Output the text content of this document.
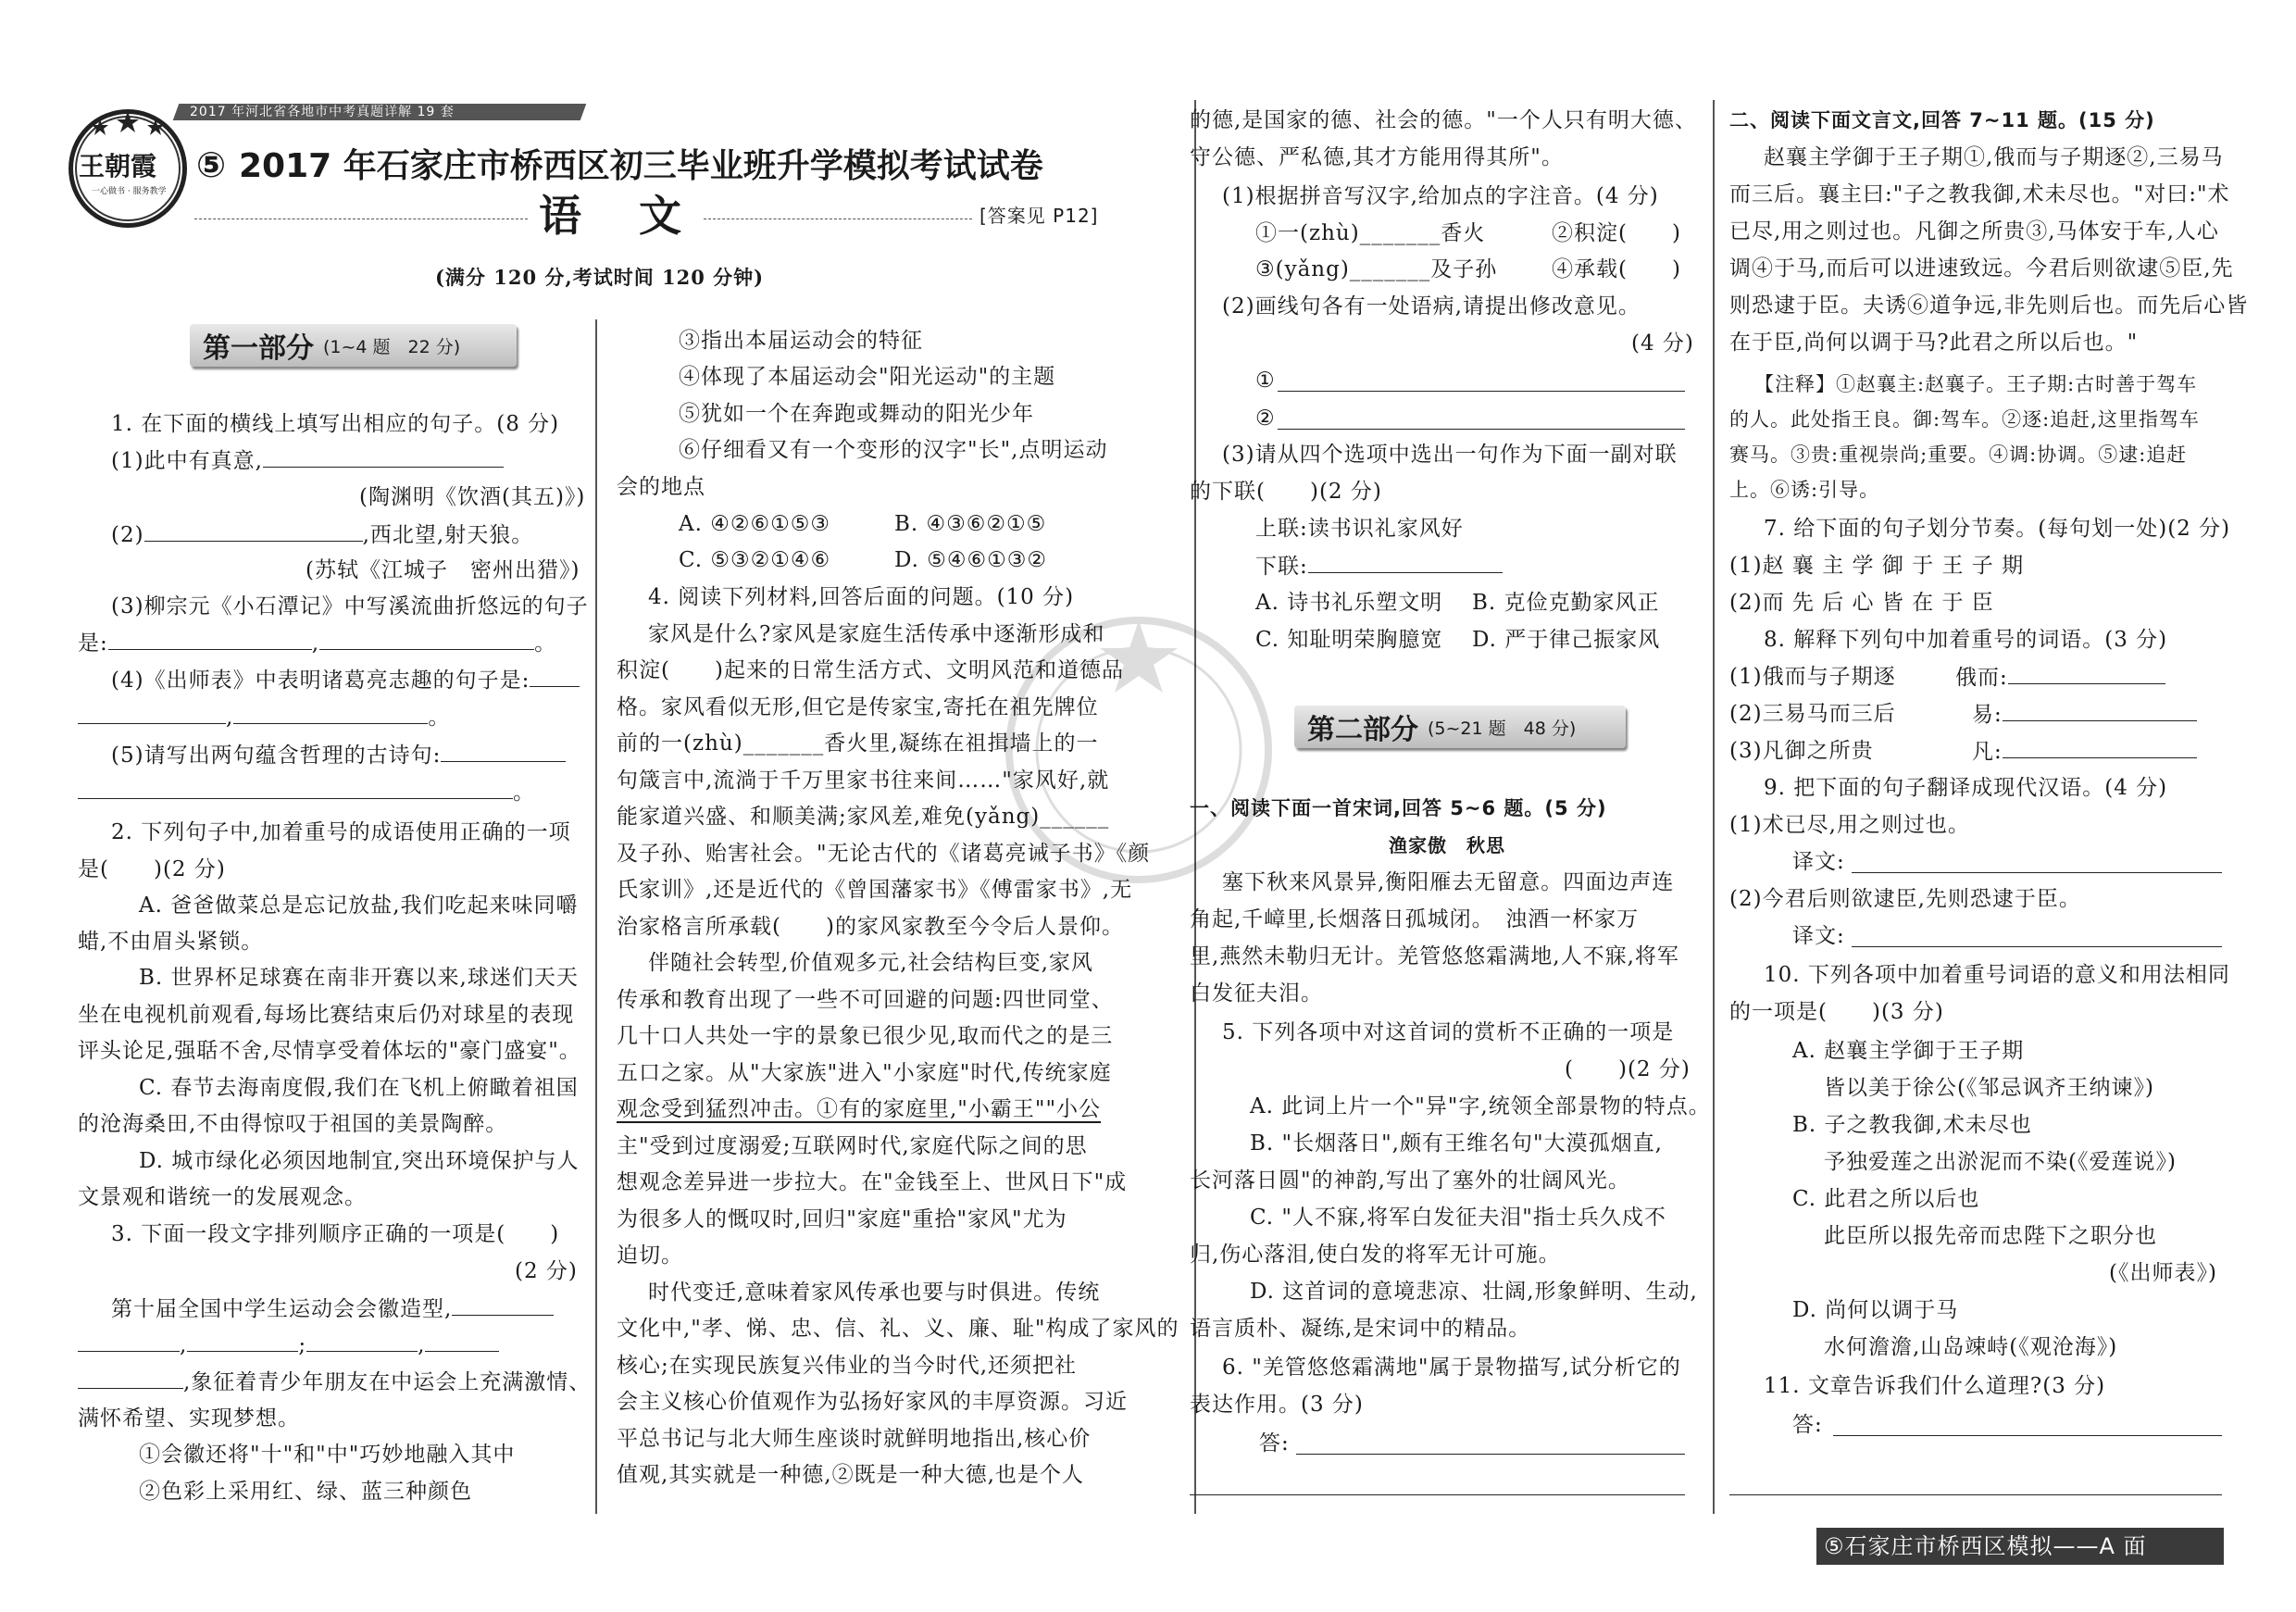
2017 年河北省各地市中考真题详解 19 套
王朝霞
一心做书 · 服务教学
⑤ 2017 年石家庄市桥西区初三毕业班升学模拟考试试卷
语　文	[答案见 P12]
(满分 120 分,考试时间 120 分钟)
第一部分 (1~4 题　22 分)
1. 在下面的横线上填写出相应的句子。(8 分)
(1)此中有真意,
(陶渊明《饮酒(其五)》)
(2)	,西北望,射天狼。
(苏轼《江城子　密州出猎》)
(3)柳宗元《小石潭记》中写溪流曲折悠远的句子
是:	,	。
(4)《出师表》中表明诸葛亮志趣的句子是:
,	。
(5)请写出两句蕴含哲理的古诗句:
。
2. 下列句子中,加着重号的成语使用正确的一项
是(　　)(2 分)
A. 爸爸做菜总是忘记放盐,我们吃起来味同嚼
蜡,不由眉头紧锁。
B. 世界杯足球赛在南非开赛以来,球迷们天天
坐在电视机前观看,每场比赛结束后仍对球星的表现
评头论足,强聒不舍,尽情享受着体坛的"豪门盛宴"。
C. 春节去海南度假,我们在飞机上俯瞰着祖国
的沧海桑田,不由得惊叹于祖国的美景陶醉。
D. 城市绿化必须因地制宜,突出环境保护与人
文景观和谐统一的发展观念。
3. 下面一段文字排列顺序正确的一项是(　　)
(2 分)
第十届全国中学生运动会会徽造型,
,	;	,
,象征着青少年朋友在中运会上充满激情、
满怀希望、实现梦想。
①会徽还将"十"和"中"巧妙地融入其中
②色彩上采用红、绿、蓝三种颜色
③指出本届运动会的特征
④体现了本届运动会"阳光运动"的主题
⑤犹如一个在奔跑或舞动的阳光少年
⑥仔细看又有一个变形的汉字"长",点明运动
会的地点
A. ④②⑥①⑤③	B. ④③⑥②①⑤
C. ⑤③②①④⑥	D. ⑤④⑥①③②
4. 阅读下列材料,回答后面的问题。(10 分)
家风是什么?家风是家庭生活传承中逐渐形成和
积淀(　　)起来的日常生活方式、文明风范和道德品
格。家风看似无形,但它是传家宝,寄托在祖先牌位
前的一(zhù)_______香火里,凝练在祖揖墙上的一
句箴言中,流淌于千万里家书往来间……"家风好,就
能家道兴盛、和顺美满;家风差,难免(yǎng)______
及子孙、贻害社会。"无论古代的《诸葛亮诫子书》《颜
氏家训》,还是近代的《曾国藩家书》《傅雷家书》,无
治家格言所承载(　　)的家风家教至今令后人景仰。
伴随社会转型,价值观多元,社会结构巨变,家风
传承和教育出现了一些不可回避的问题:四世同堂、
几十口人共处一宇的景象已很少见,取而代之的是三
五口之家。从"大家族"进入"小家庭"时代,传统家庭
观念受到猛烈冲击。①有的家庭里,"小霸王""小公
主"受到过度溺爱;互联网时代,家庭代际之间的思
想观念差异进一步拉大。在"金钱至上、世风日下"成
为很多人的慨叹时,回归"家庭"重拾"家风"尤为
迫切。
时代变迁,意味着家风传承也要与时俱进。传统
文化中,"孝、悌、忠、信、礼、义、廉、耻"构成了家风的
核心;在实现民族复兴伟业的当今时代,还须把社
会主义核心价值观作为弘扬好家风的丰厚资源。习近
平总书记与北大师生座谈时就鲜明地指出,核心价
值观,其实就是一种德,②既是一种大德,也是个人
的德,是国家的德、社会的德。"一个人只有明大德、
守公德、严私德,其才方能用得其所"。
(1)根据拼音写汉字,给加点的字注音。(4 分)
①一(zhù)_______香火	②积淀(　　)
③(yǎng)_______及子孙	④承载(　　)
(2)画线句各有一处语病,请提出修改意见。
(4 分)
①
②
(3)请从四个选项中选出一句作为下面一副对联
的下联(　　)(2 分)
上联:读书识礼家风好
下联:
A. 诗书礼乐塑文明 B. 克俭克勤家风正
C. 知耻明荣胸臆宽 D. 严于律己振家风
第二部分 (5~21 题　48 分)
一、阅读下面一首宋词,回答 5~6 题。(5 分)
渔家傲　秋思
塞下秋来风景异,衡阳雁去无留意。四面边声连
角起,千嶂里,长烟落日孤城闭。　浊酒一杯家万
里,燕然未勒归无计。羌管悠悠霜满地,人不寐,将军
白发征夫泪。
5. 下列各项中对这首词的赏析不正确的一项是
(　　)(2 分)
A. 此词上片一个"异"字,统领全部景物的特点。
B. "长烟落日",颇有王维名句"大漠孤烟直,
长河落日圆"的神韵,写出了塞外的壮阔风光。
C. "人不寐,将军白发征夫泪"指士兵久戍不
归,伤心落泪,使白发的将军无计可施。
D. 这首词的意境悲凉、壮阔,形象鲜明、生动,
语言质朴、凝练,是宋词中的精品。
6. "羌管悠悠霜满地"属于景物描写,试分析它的
表达作用。(3 分)
答:
二、阅读下面文言文,回答 7~11 题。(15 分)
赵襄主学御于王子期①,俄而与子期逐②,三易马
而三后。襄主曰:"子之教我御,术未尽也。"对曰:"术
已尽,用之则过也。凡御之所贵③,马体安于车,人心
调④于马,而后可以进速致远。今君后则欲逮⑤臣,先
则恐逮于臣。夫诱⑥道争远,非先则后也。而先后心皆
在于臣,尚何以调于马?此君之所以后也。"
【注释】①赵襄主:赵襄子。王子期:古时善于驾车
的人。此处指王良。御:驾车。②逐:追赶,这里指驾车
赛马。③贵:重视崇尚;重要。④调:协调。⑤逮:追赶
上。⑥诱:引导。
7. 给下面的句子划分节奏。(每句划一处)(2 分)
(1)赵 襄 主 学 御 于 王 子 期
(2)而 先 后 心 皆 在 于 臣
8. 解释下列句中加着重号的词语。(3 分)
(1)俄而与子期逐	俄而:
(2)三易马而三后	易:
(3)凡御之所贵	凡:
9. 把下面的句子翻译成现代汉语。(4 分)
(1)术已尽,用之则过也。
译文:
(2)今君后则欲逮臣,先则恐逮于臣。
译文:
10. 下列各项中加着重号词语的意义和用法相同
的一项是(　　)(3 分)
A. 赵襄主学御于王子期
皆以美于徐公(《邹忌讽齐王纳谏》)
B. 子之教我御,术未尽也
予独爱莲之出淤泥而不染(《爱莲说》)
C. 此君之所以后也
此臣所以报先帝而忠陛下之职分也
(《出师表》)
D. 尚何以调于马
水何澹澹,山岛竦峙(《观沧海》)
11. 文章告诉我们什么道理?(3 分)
答:
⑤石家庄市桥西区模拟——A 面
